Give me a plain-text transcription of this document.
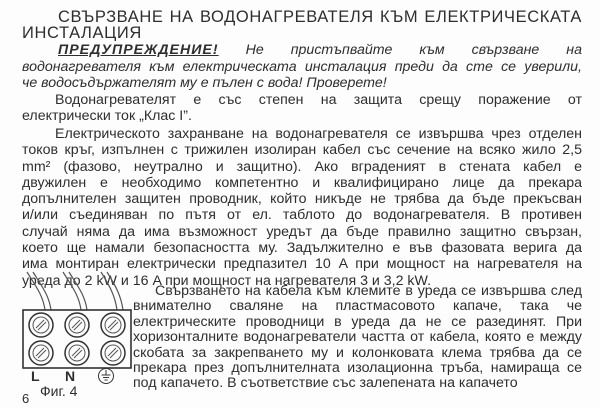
СВЪРЗВАНЕ НА ВОДОНАГРЕВАТЕЛЯ КЪМ ЕЛЕКТРИЧЕСКАТА
ИНСТАЛАЦИЯ
ПРЕДУПРЕЖДЕНИЕ! Не пристъпвайте към свързване на
водонагревателя към електрическата инсталация преди да сте се уверили,
че водосъдържателят му е пълен с вода! Проверете!
Водонагревателят е със степен на защита срещу поражение от
електрически ток „Клас I”.
Електрическото захранване на водонагревателя се извършва чрез отделен
токов кръг, изпълнен с трижилен изолиран кабел със сечение на всяко жило 2,5
mm² (фазово, неутрално и защитно). Ако вграденият в стената кабел е
двужилен е необходимо компетентно и квалифицирано лице да прекара
допълнителен защитен проводник, който никъде не трябва да бъде прекъсван
и/или съединяван по пътя от ел. таблото до водонагревателя. В противен
случай няма да има възможност уредът да бъде правилно защитно свързан,
което ще намали безопасността му. Задължително е във фазовата верига да
има монтиран електрически предпазител 10 A при мощност на нагревателя на
уреда до 2 kW и 16 A при мощност на нагревателя 3 и 3,2 kW.
Свързването на кабела към клемите в уреда се извършва след
внимателно сваляне на пластмасовото капаче, така че
електрическите проводници в уреда да не се разединят. При
хоризонталните водонагреватели частта от кабела, която е между
скобата за закрепването му и колонковата клема трябва да се
прекара през допълнителната изолационна тръба, намираща се
под капачето. В съответствие със залепената на капачето
L N
Фиг. 4
6
